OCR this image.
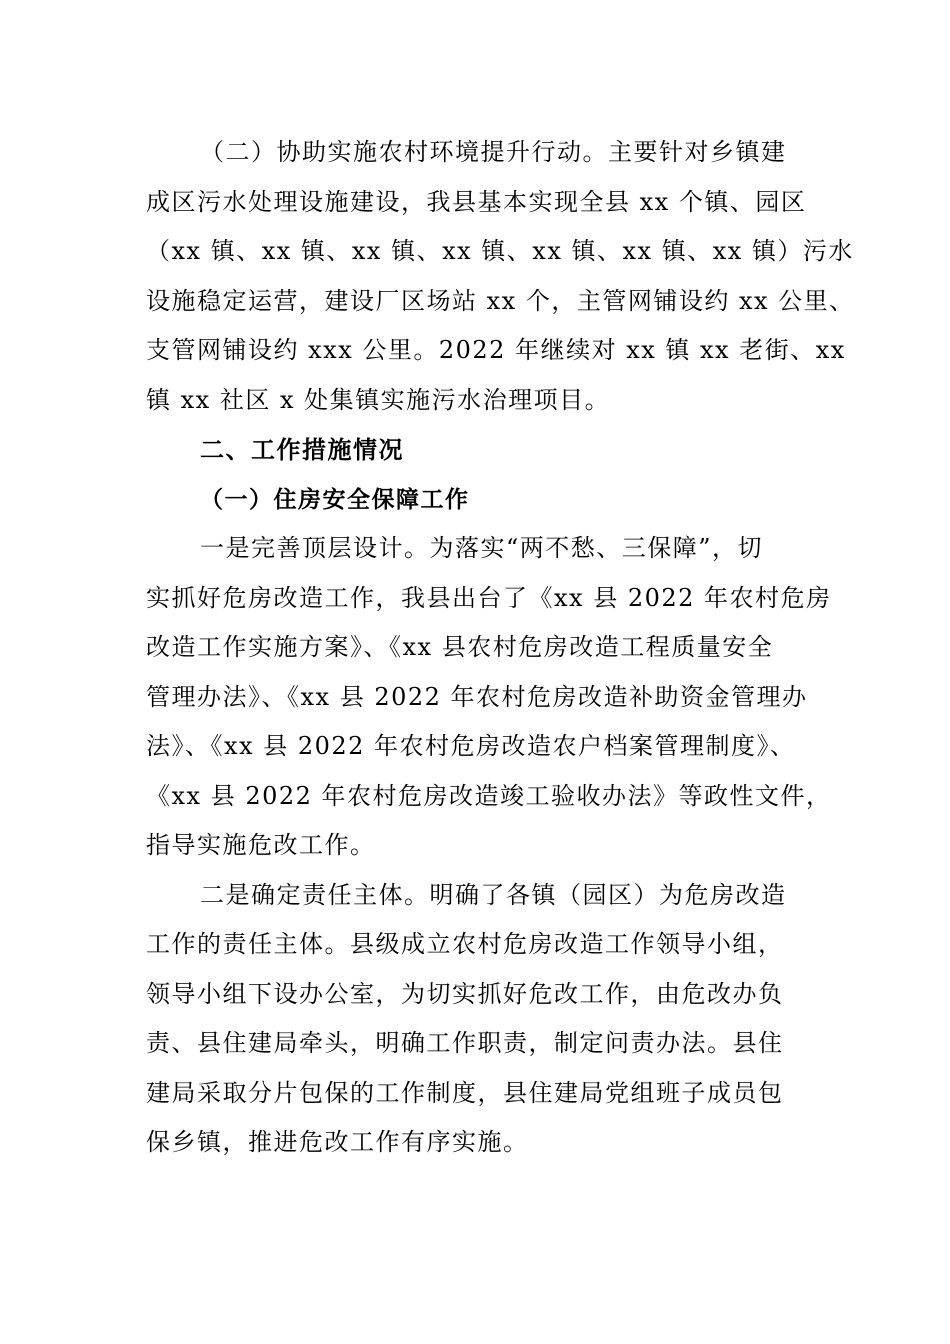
（二）协助实施农村环境提升行动。主要针对乡镇建
成区污水处理设施建设，我县基本实现全县 xx 个镇、园区
（xx 镇、xx 镇、xx 镇、xx 镇、xx 镇、xx 镇、xx 镇）污水
设施稳定运营，建设厂区场站 xx 个，主管网铺设约 xx 公里、
支管网铺设约 xxx 公里。2022 年继续对 xx 镇 xx 老街、xx
镇 xx 社区 x 处集镇实施污水治理项目。
二、工作措施情况
（一）住房安全保障工作
一是完善顶层设计。为落实“两不愁、三保障”，切
实抓好危房改造工作，我县出台了《xx 县 2022 年农村危房
改造工作实施方案》、《xx 县农村危房改造工程质量安全
管理办法》、《xx 县 2022 年农村危房改造补助资金管理办
法》、《xx 县 2022 年农村危房改造农户档案管理制度》、
《xx 县 2022 年农村危房改造竣工验收办法》等政性文件，
指导实施危改工作。
二是确定责任主体。明确了各镇（园区）为危房改造
工作的责任主体。县级成立农村危房改造工作领导小组，
领导小组下设办公室，为切实抓好危改工作，由危改办负
责、县住建局牵头，明确工作职责，制定问责办法。县住
建局采取分片包保的工作制度，县住建局党组班子成员包
保乡镇，推进危改工作有序实施。
